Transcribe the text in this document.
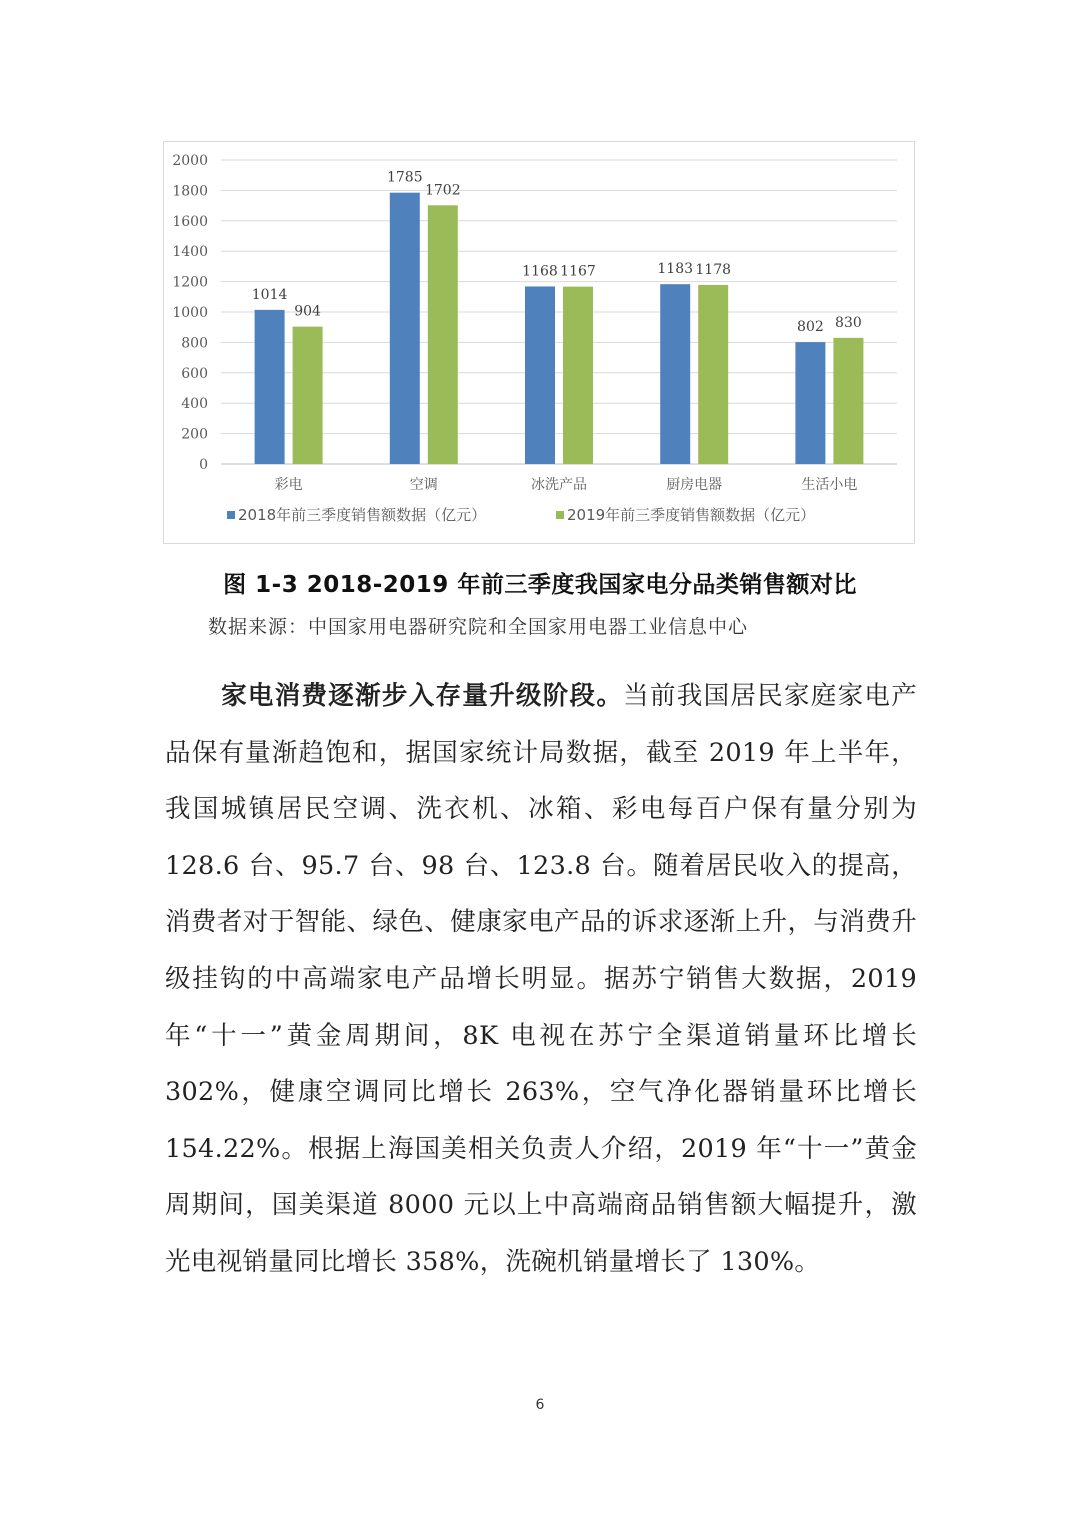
0
200
400
600
800
1000
1200
1400
1600
1800
2000
1014
904
彩电
1785
1702
空调
1168 1167
冰洗产品
1183 1178
厨房电器
802 830
生活小电
2018年前三季度销售额数据（亿元）	2019年前三季度销售额数据（亿元）
图 1-3 2018-2019 年前三季度我国家电分品类销售额对比
数据来源：中国家用电器研究院和全国家用电器工业信息中心

家电消费逐渐步入存量升级阶段。当前我国居民家庭家电产品保有量渐趋饱和，据国家统计局数据，截至 2019 年上半年，我国城镇居民空调、洗衣机、冰箱、彩电每百户保有量分别为 128.6 台、95.7 台、98 台、123.8 台。随着居民收入的提高，消费者对于智能、绿色、健康家电产品的诉求逐渐上升，与消费升级挂钩的中高端家电产品增长明显。据苏宁销售大数据，2019 年“十一”黄金周期间，8K 电视在苏宁全渠道销量环比增长 302%，健康空调同比增长 263%，空气净化器销量环比增长 154.22%。根据上海国美相关负责人介绍，2019 年“十一”黄金周期间，国美渠道 8000 元以上中高端商品销售额大幅提升，激光电视销量同比增长 358%，洗碗机销量增长了 130%。

6
